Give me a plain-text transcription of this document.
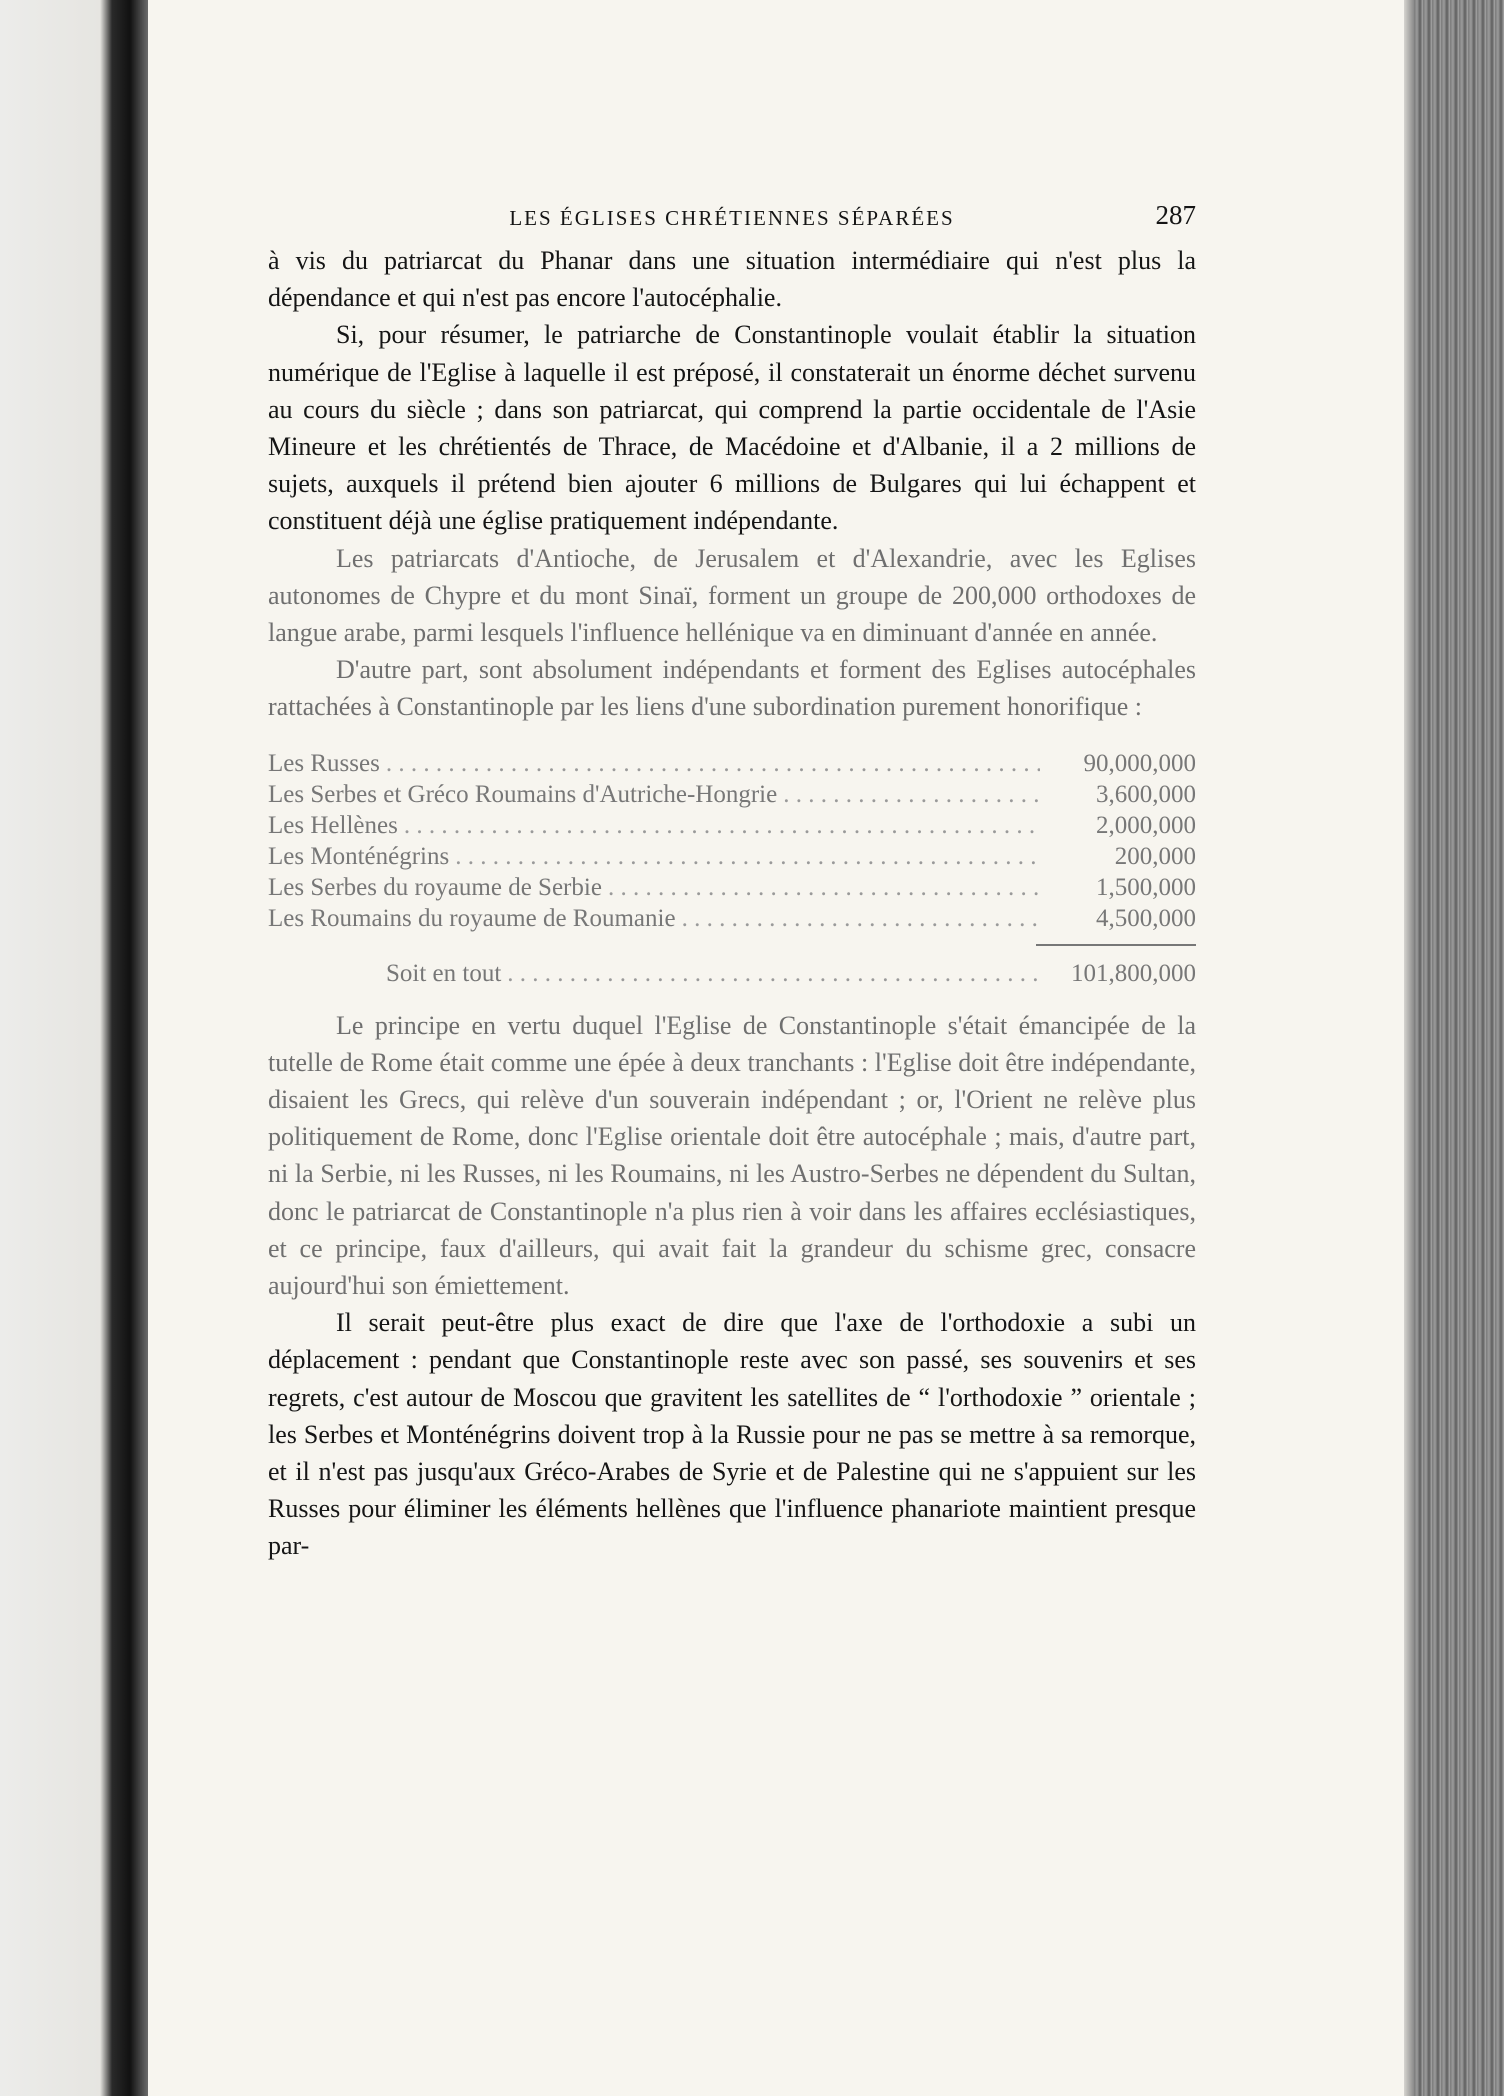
LES ÉGLISES CHRÉTIENNES SÉPARÉES	287

à vis du patriarcat du Phanar dans une situation intermédiaire qui n'est plus la dépendance et qui n'est pas encore l'autocéphalie.

Si, pour résumer, le patriarche de Constantinople voulait établir la situation numérique de l'Eglise à laquelle il est préposé, il constaterait un énorme déchet survenu au cours du siècle ; dans son patriarcat, qui comprend la partie occidentale de l'Asie Mineure et les chrétientés de Thrace, de Macédoine et d'Albanie, il a 2 millions de sujets, auxquels il prétend bien ajouter 6 millions de Bulgares qui lui échappent et constituent déjà une église pratiquement indépendante.

Les patriarcats d'Antioche, de Jerusalem et d'Alexandrie, avec les Eglises autonomes de Chypre et du mont Sinaï, forment un groupe de 200,000 orthodoxes de langue arabe, parmi lesquels l'influence hellénique va en diminuant d'année en année.

D'autre part, sont absolument indépendants et forment des Eglises autocéphales rattachées à Constantinople par les liens d'une subordination purement honorifique :

Les Russes . . .	90,000,000
Les Serbes et Gréco Roumains d'Autriche-Hongrie . . .	3,600,000
Les Hellènes . . .	2,000,000
Les Monténégrins . . .	200,000
Les Serbes du royaume de Serbie . . .	1,500,000
Les Roumains du royaume de Roumanie . . .	4,500,000
Soit en tout . . .	101,800,000

Le principe en vertu duquel l'Eglise de Constantinople s'était émancipée de la tutelle de Rome était comme une épée à deux tranchants : l'Eglise doit être indépendante, disaient les Grecs, qui relève d'un souverain indépendant ; or, l'Orient ne relève plus politiquement de Rome, donc l'Eglise orientale doit être autocéphale ; mais, d'autre part, ni la Serbie, ni les Russes, ni les Roumains, ni les Austro-Serbes ne dépendent du Sultan, donc le patriarcat de Constantinople n'a plus rien à voir dans les affaires ecclésiastiques, et ce principe, faux d'ailleurs, qui avait fait la grandeur du schisme grec, consacre aujourd'hui son émiettement.

Il serait peut-être plus exact de dire que l'axe de l'orthodoxie a subi un déplacement : pendant que Constantinople reste avec son passé, ses souvenirs et ses regrets, c'est autour de Moscou que gravitent les satellites de “ l'orthodoxie ” orientale ; les Serbes et Monténégrins doivent trop à la Russie pour ne pas se mettre à sa remorque, et il n'est pas jusqu'aux Gréco-Arabes de Syrie et de Palestine qui ne s'appuient sur les Russes pour éliminer les éléments hellènes que l'influence phanariote maintient presque par-
